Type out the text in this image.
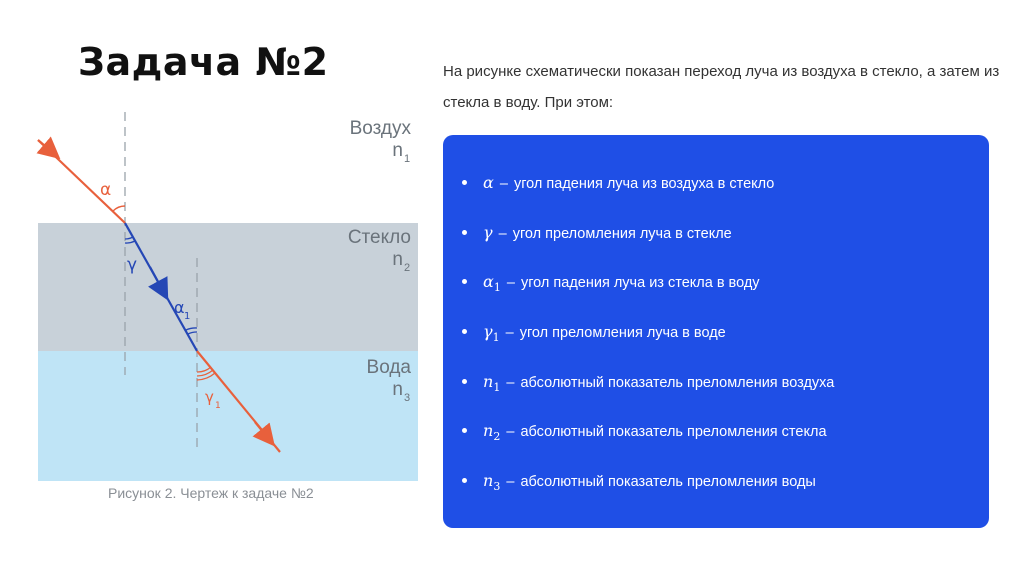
Задача №2	На рисунке схематически показан переход луча из воздуха в стекло, а затем из стекла в воду. При этом:
α
γ
α 1
γ 1
Воздух
n 1
Стекло
n 2
Вода
n 3
Рисунок 2. Чертеж к задаче №2
α – угол падения луча из воздуха в стекло
γ – угол преломления луча в стекле
$\alpha_1$ – угол падения луча из стекла в воду
$\gamma_1$ – угол преломления луча в воде
$n_1$ – абсолютный показатель преломления воздуха
$n_2$ – абсолютный показатель преломления стекла
$n_3$ – абсолютный показатель преломления воды
